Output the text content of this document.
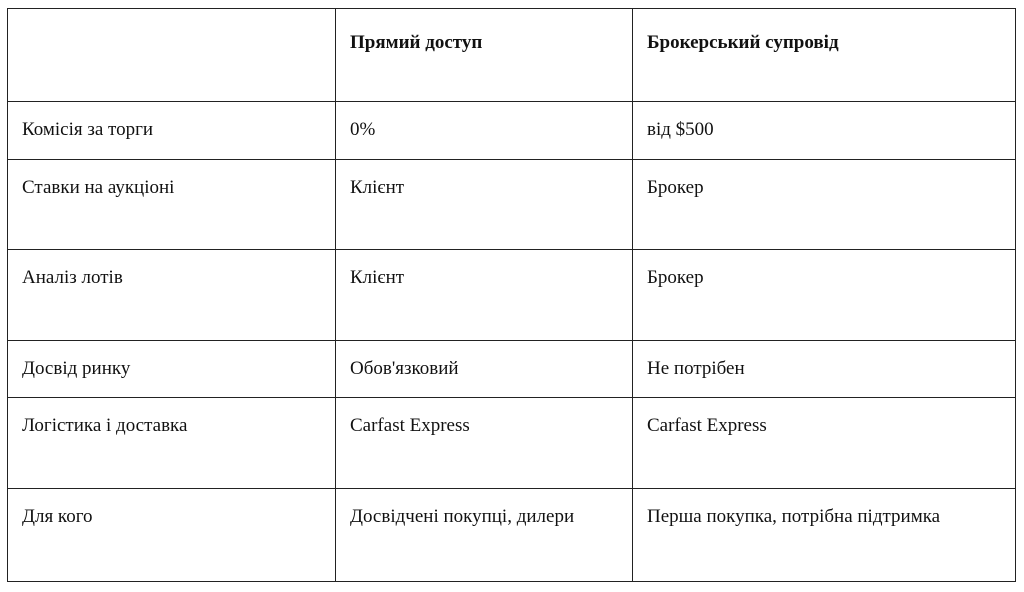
	Прямий доступ	Брокерський супровід
Комісія за торги	0%	від $500
Ставки на аукціоні	Клієнт	Брокер
Аналіз лотів	Клієнт	Брокер
Досвід ринку	Обов'язковий	Не потрібен
Логістика і доставка	Carfast Express	Carfast Express
Для кого	Досвідчені покупці, дилери	Перша покупка, потрібна підтримка
